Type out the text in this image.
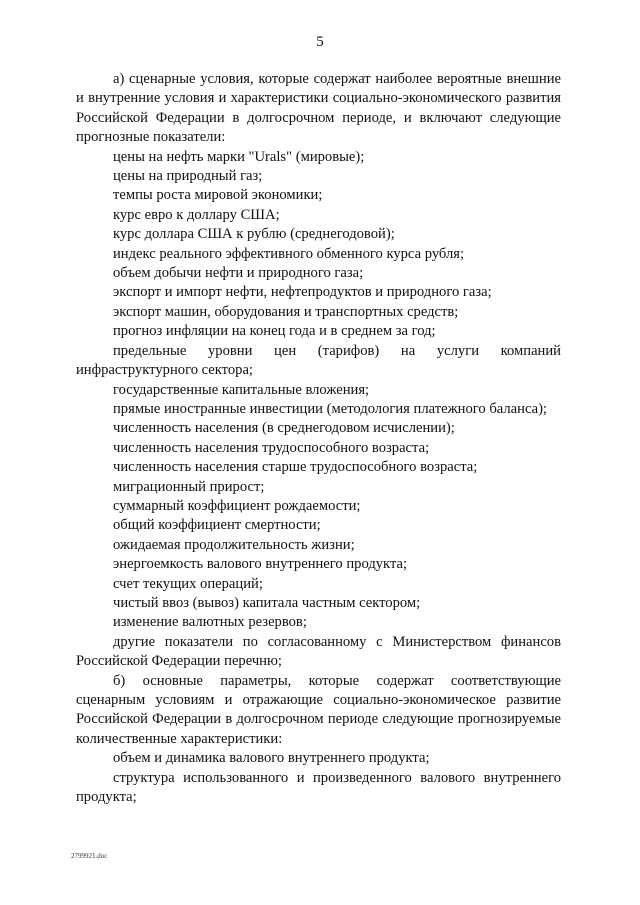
5

а) сценарные условия, которые содержат наиболее вероятные внешние и внутренние условия и характеристики социально-экономического развития Российской Федерации в долгосрочном периоде, и включают следующие прогнозные показатели:

цены на нефть марки "Urals" (мировые);

цены на природный газ;

темпы роста мировой экономики;

курс евро к доллару США;

курс доллара США к рублю (среднегодовой);

индекс реального эффективного обменного курса рубля;

объем добычи нефти и природного газа;

экспорт и импорт нефти, нефтепродуктов и природного газа;

экспорт машин, оборудования и транспортных средств;

прогноз инфляции на конец года и в среднем за год;

предельные уровни цен (тарифов) на услуги компаний инфраструктурного сектора;

государственные капитальные вложения;

прямые иностранные инвестиции (методология платежного баланса);

численность населения (в среднегодовом исчислении);

численность населения трудоспособного возраста;

численность населения старше трудоспособного возраста;

миграционный прирост;

суммарный коэффициент рождаемости;

общий коэффициент смертности;

ожидаемая продолжительность жизни;

энергоемкость валового внутреннего продукта;

счет текущих операций;

чистый ввоз (вывоз) капитала частным сектором;

изменение валютных резервов;

другие показатели по согласованному с Министерством финансов Российской Федерации перечню;

б) основные параметры, которые содержат соответствующие сценарным условиям и отражающие социально-экономическое развитие Российской Федерации в долгосрочном периоде следующие прогнозируемые количественные характеристики:

объем и динамика валового внутреннего продукта;

структура использованного и произведенного валового внутреннего продукта;

2799921.doc
